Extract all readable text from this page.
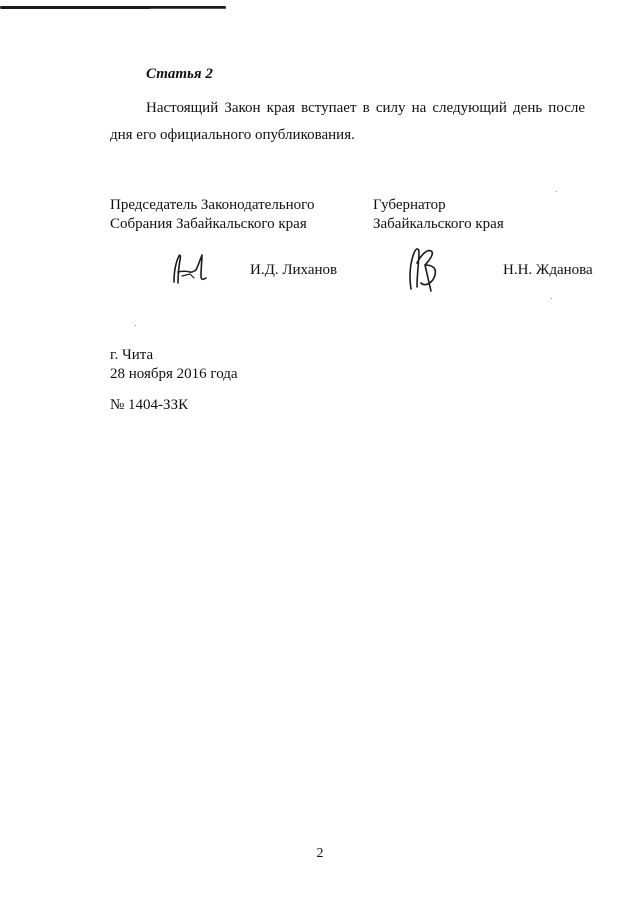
Статья 2
Настоящий Закон края вступает в силу на следующий день после дня его официального опубликования.
Председатель Законодательного
Собрания Забайкальского края
Губернатор
Забайкальского края
И.Д. Лиханов	Н.Н. Жданова
г. Чита
28 ноября 2016 года
№ 1404-ЗЗК
2
